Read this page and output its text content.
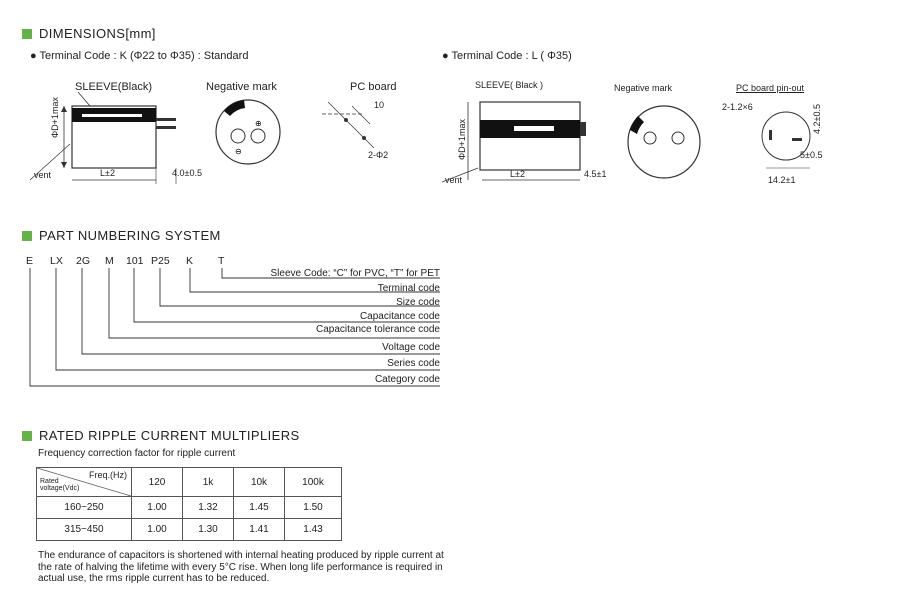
DIMENSIONS[mm]
● Terminal Code : K (Φ22 to Φ35) : Standard	● Terminal Code : L ( Φ35)
SLEEVE(Black)
ΦD+1max
vent	L±2	4.0±0.5
⊕
⊖
Negative mark	PC board
10
2-Φ2
SLEEVE( Black )
ΦD+1max
vent
L±2	4.5±1
Negative mark	PC board pin-out
2-1.2×6	4.2±0.5
5±0.5
14.2±1
PART NUMBERING SYSTEM
E LX 2G M 101 P25 K T
Sleeve Code: “C” for PVC, “T” for PET
Terminal code
Size code
Capacitance code
Capacitance tolerance code
Voltage code
Series code
Category code
RATED RIPPLE CURRENT MULTIPLIERS
Frequency correction factor for ripple current
Freq.(Hz)
Rated
voltage(Vdc)	120	1k	10k	100k
160~250	1.00	1.32	1.45	1.50
315~450	1.00	1.30	1.41	1.43
The endurance of capacitors is shortened with internal heating produced by ripple current at the rate of halving the lifetime with every 5°C rise. When long life performance is required in actual use, the rms ripple current has to be reduced.
